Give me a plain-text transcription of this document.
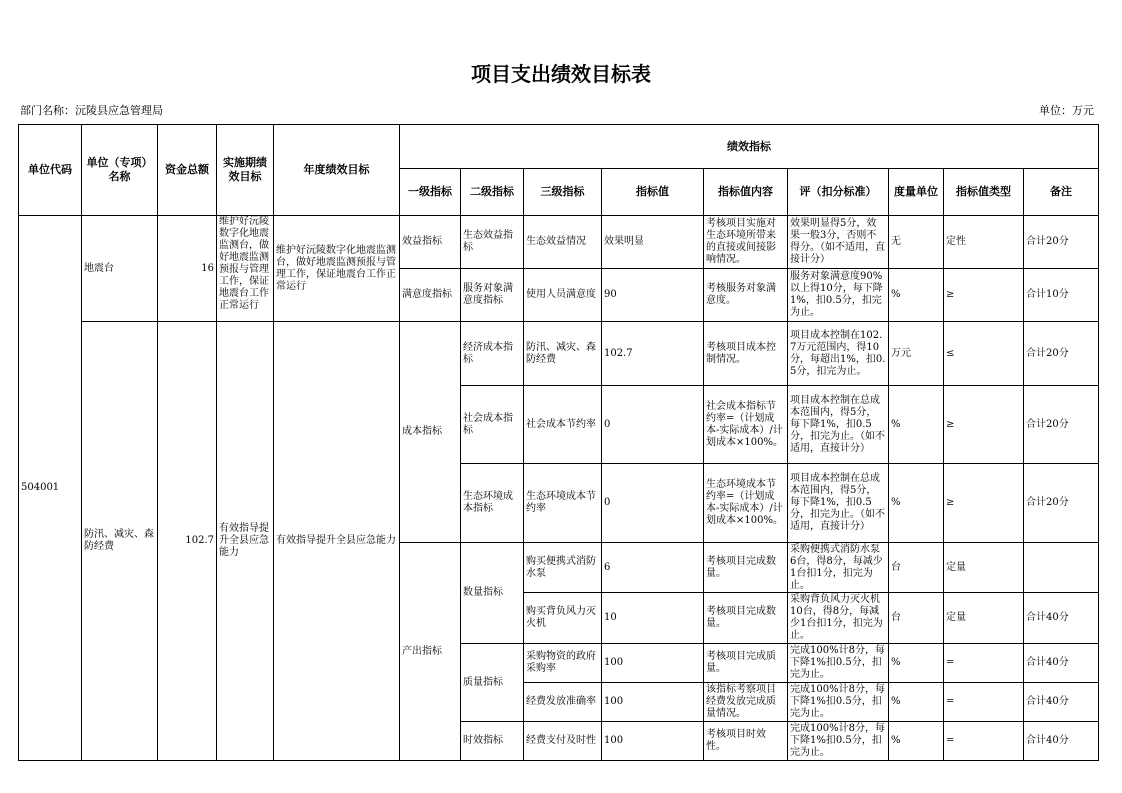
项目支出绩效目标表
部门名称：沅陵县应急管理局	单位：万元
单位代码	单位（专项）名称	资金总额	实施期绩效目标	年度绩效目标	绩效指标								
					一级指标	二级指标	三级指标	指标值	指标值内容	评（扣分标准）	度量单位	指标值类型	备注
504001	地震台	16	维护好沅陵数字化地震监测台，做好地震监测预报与管理工作，保证地震台工作正常运行	维护好沅陵数字化地震监测台，做好地震监测预报与管理工作，保证地震台工作正常运行	效益指标	生态效益指标	生态效益情况	效果明显	考核项目实施对生态环境所带来的直接或间接影响情况。	效果明显得5分，效果一般3分，否则不得分。（如不适用，直接计分）	无	定性	合计20分
					满意度指标	服务对象满意度指标	使用人员满意度	90	考核服务对象满意度。	服务对象满意度90%以上得10分，每下降1%，扣0.5分，扣完为止。	%	≥	合计10分
	防汛、减灾、森防经费	102.7	有效指导提升全县应急能力	有效指导提升全县应急能力	成本指标	经济成本指标	防汛、减灾、森防经费	102.7	考核项目成本控制情况。	项目成本控制在102.7万元范围内，得10分，每超出1%，扣0.5分，扣完为止。	万元	≤	合计20分
						社会成本指标	社会成本节约率	0	社会成本指标节约率=（计划成本-实际成本）/计划成本×100%。	项目成本控制在总成本范围内，得5分，每下降1%，扣0.5分，扣完为止。（如不适用，直接计分）	%	≥	合计20分
						生态环境成本指标	生态环境成本节约率	0	生态环境成本节约率=（计划成本-实际成本）/计划成本×100%。	项目成本控制在总成本范围内，得5分，每下降1%，扣0.5分，扣完为止。（如不适用，直接计分）	%	≥	合计20分
					产出指标	数量指标	购买便携式消防水泵	6	考核项目完成数量。	采购便携式消防水泵6台，得8分，每减少1台扣1分，扣完为止。	台	定量	
							购买背负风力灭火机	10	考核项目完成数量。	采购背负风力灭火机10台，得8分，每减少1台扣1分，扣完为止。	台	定量	合计40分
						质量指标	采购物资的政府采购率	100	考核项目完成质量。	完成100%计8分，每下降1%扣0.5分，扣完为止。	%	=	合计40分
							经费发放准确率	100	该指标考察项目经费发放完成质量情况。	完成100%计8分，每下降1%扣0.5分，扣完为止。	%	=	合计40分
						时效指标	经费支付及时性	100	考核项目时效性。	完成100%计8分，每下降1%扣0.5分，扣完为止。	%	=	合计40分
